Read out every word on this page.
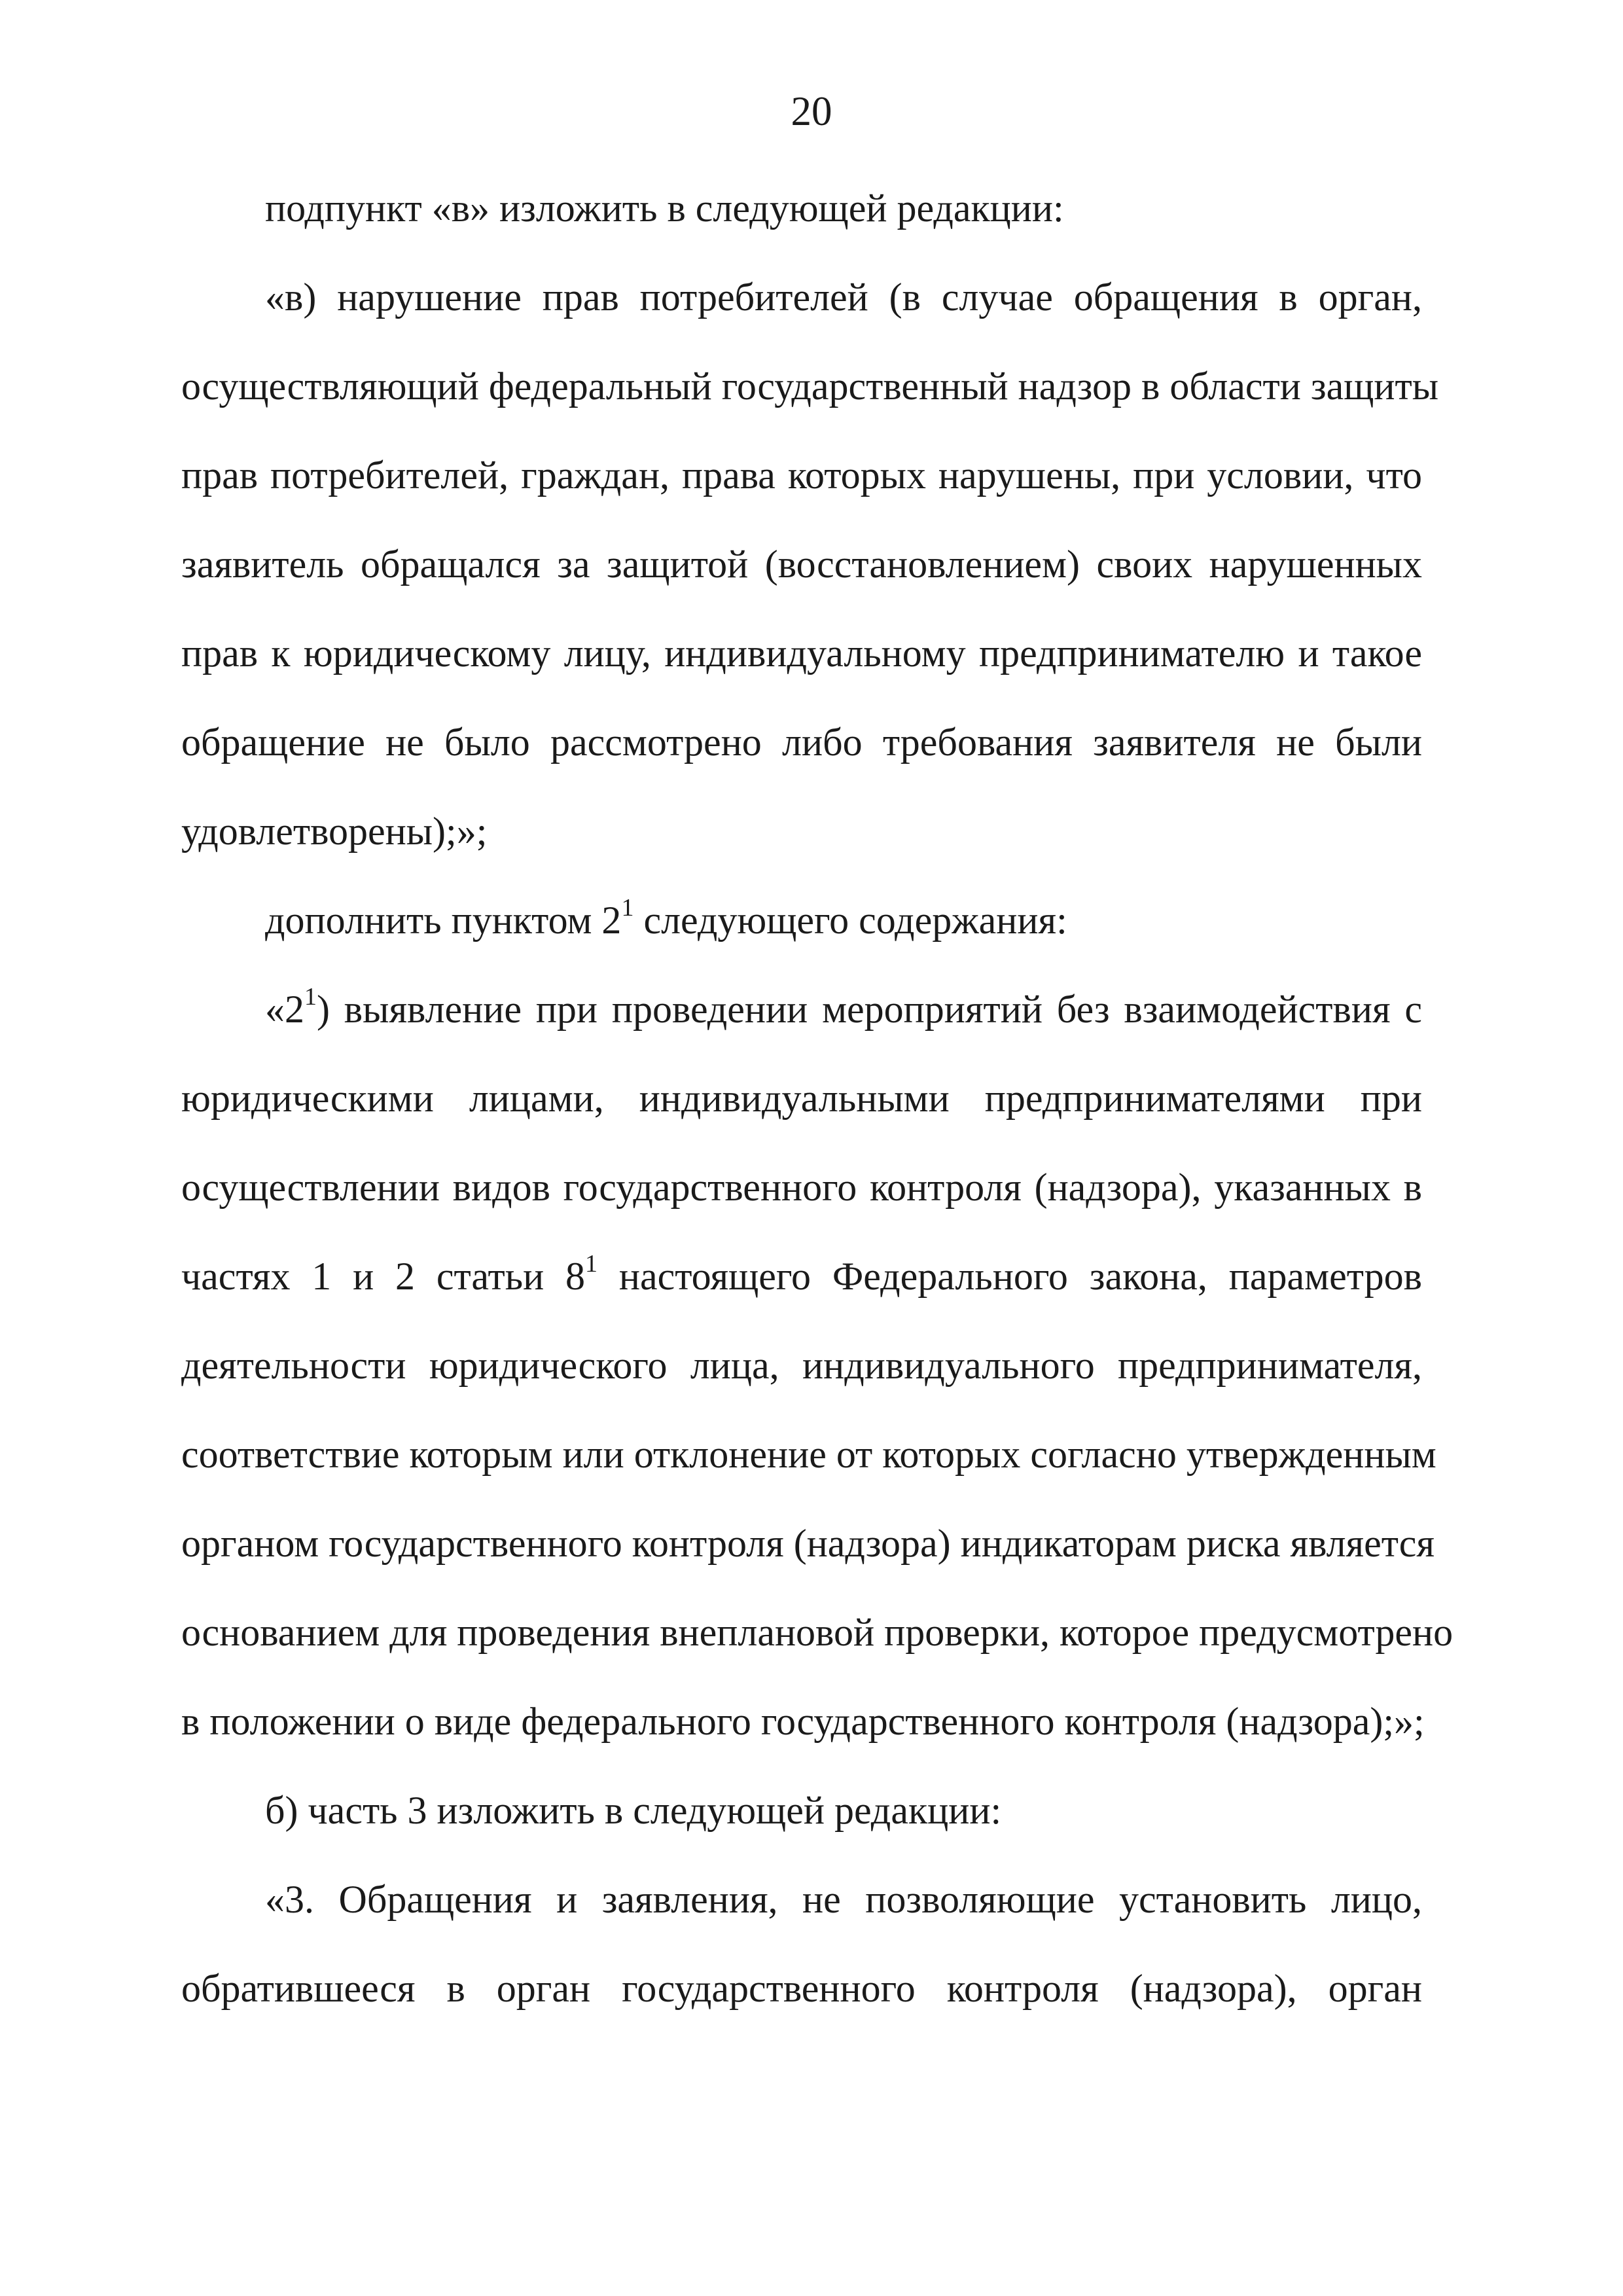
20
подпункт «в» изложить в следующей редакции:
«в) нарушение прав потребителей (в случае обращения в орган,
осуществляющий федеральный государственный надзор в области защиты
прав потребителей, граждан, права которых нарушены, при условии, что
заявитель обращался за защитой (восстановлением) своих нарушенных
прав к юридическому лицу, индивидуальному предпринимателю и такое
обращение не было рассмотрено либо требования заявителя не были
удовлетворены);»;
дополнить пунктом $2^1$ следующего содержания:
«$2^1$) выявление при проведении мероприятий без взаимодействия с
юридическими лицами, индивидуальными предпринимателями при
осуществлении видов государственного контроля (надзора), указанных в
частях 1 и 2 статьи $8^1$ настоящего Федерального закона, параметров
деятельности юридического лица, индивидуального предпринимателя,
соответствие которым или отклонение от которых согласно утвержденным
органом государственного контроля (надзора) индикаторам риска является
основанием для проведения внеплановой проверки, которое предусмотрено
в положении о виде федерального государственного контроля (надзора);»;
б) часть 3 изложить в следующей редакции:
«3. Обращения и заявления, не позволяющие установить лицо,
обратившееся в орган государственного контроля (надзора), орган
